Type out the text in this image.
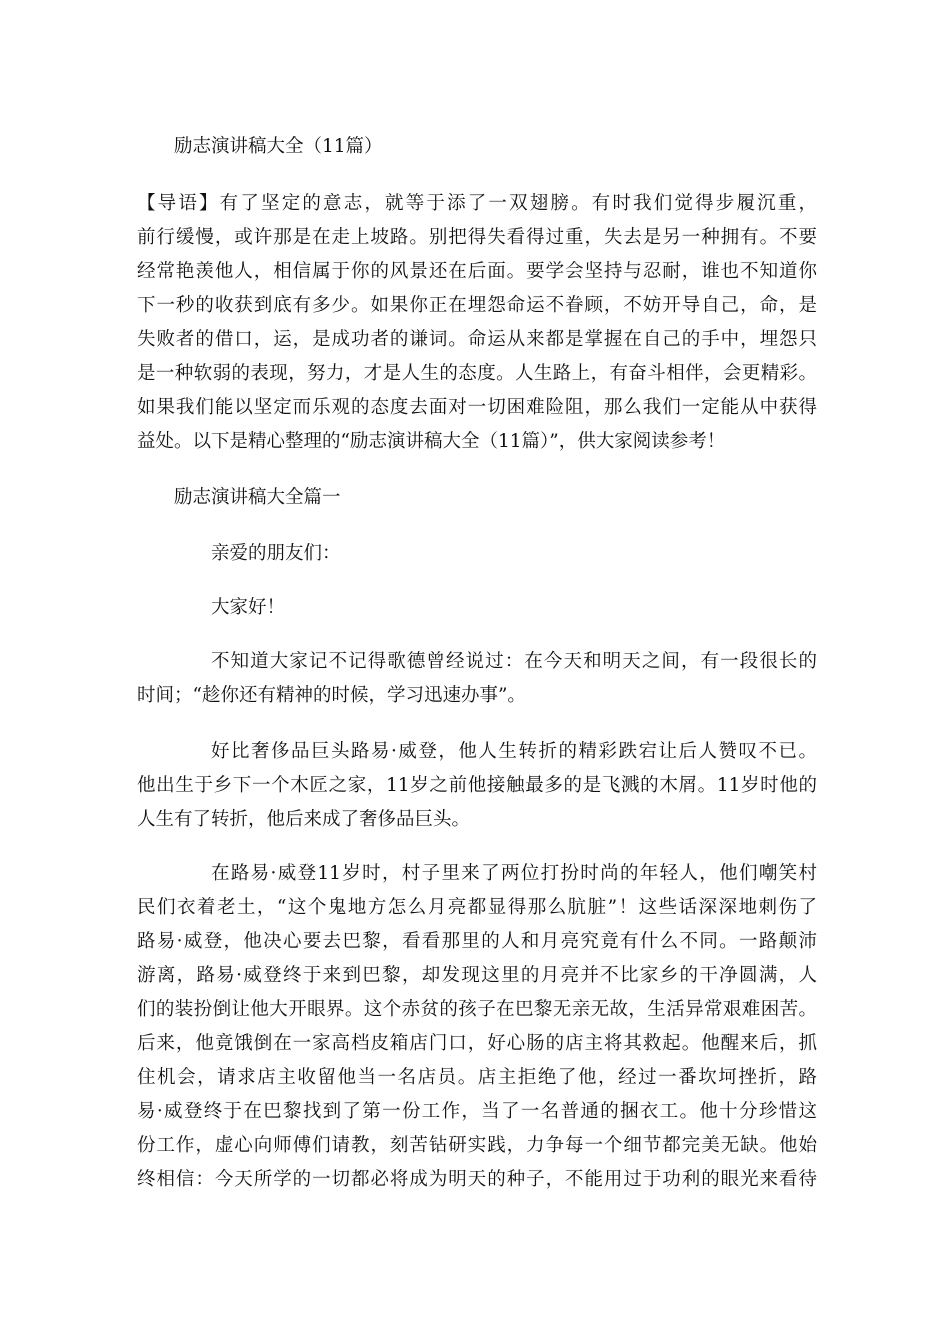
励志演讲稿大全（11篇）
【导语】有了坚定的意志，就等于添了一双翅膀。有时我们觉得步履沉重，
前行缓慢，或许那是在走上坡路。别把得失看得过重，失去是另一种拥有。不要
经常艳羡他人，相信属于你的风景还在后面。要学会坚持与忍耐，谁也不知道你
下一秒的收获到底有多少。如果你正在埋怨命运不眷顾，不妨开导自己，命，是
失败者的借口，运，是成功者的谦词。命运从来都是掌握在自己的手中，埋怨只
是一种软弱的表现，努力，才是人生的态度。人生路上，有奋斗相伴，会更精彩。
如果我们能以坚定而乐观的态度去面对一切困难险阻，那么我们一定能从中获得
益处。以下是精心整理的“励志演讲稿大全（11篇）”，供大家阅读参考！
励志演讲稿大全篇一
亲爱的朋友们：
大家好！
不知道大家记不记得歌德曾经说过：在今天和明天之间，有一段很长的
时间；“趁你还有精神的时候，学习迅速办事”。
好比奢侈品巨头路易·威登，他人生转折的精彩跌宕让后人赞叹不已。
他出生于乡下一个木匠之家，11岁之前他接触最多的是飞溅的木屑。11岁时他的
人生有了转折，他后来成了奢侈品巨头。
在路易·威登11岁时，村子里来了两位打扮时尚的年轻人，他们嘲笑村
民们衣着老土，“这个鬼地方怎么月亮都显得那么肮脏”！这些话深深地刺伤了
路易·威登，他决心要去巴黎，看看那里的人和月亮究竟有什么不同。一路颠沛
游离，路易·威登终于来到巴黎，却发现这里的月亮并不比家乡的干净圆满，人
们的装扮倒让他大开眼界。这个赤贫的孩子在巴黎无亲无故，生活异常艰难困苦。
后来，他竟饿倒在一家高档皮箱店门口，好心肠的店主将其救起。他醒来后，抓
住机会，请求店主收留他当一名店员。店主拒绝了他，经过一番坎坷挫折，路
易·威登终于在巴黎找到了第一份工作，当了一名普通的捆衣工。他十分珍惜这
份工作，虚心向师傅们请教，刻苦钻研实践，力争每一个细节都完美无缺。他始
终相信：今天所学的一切都必将成为明天的种子，不能用过于功利的眼光来看待
